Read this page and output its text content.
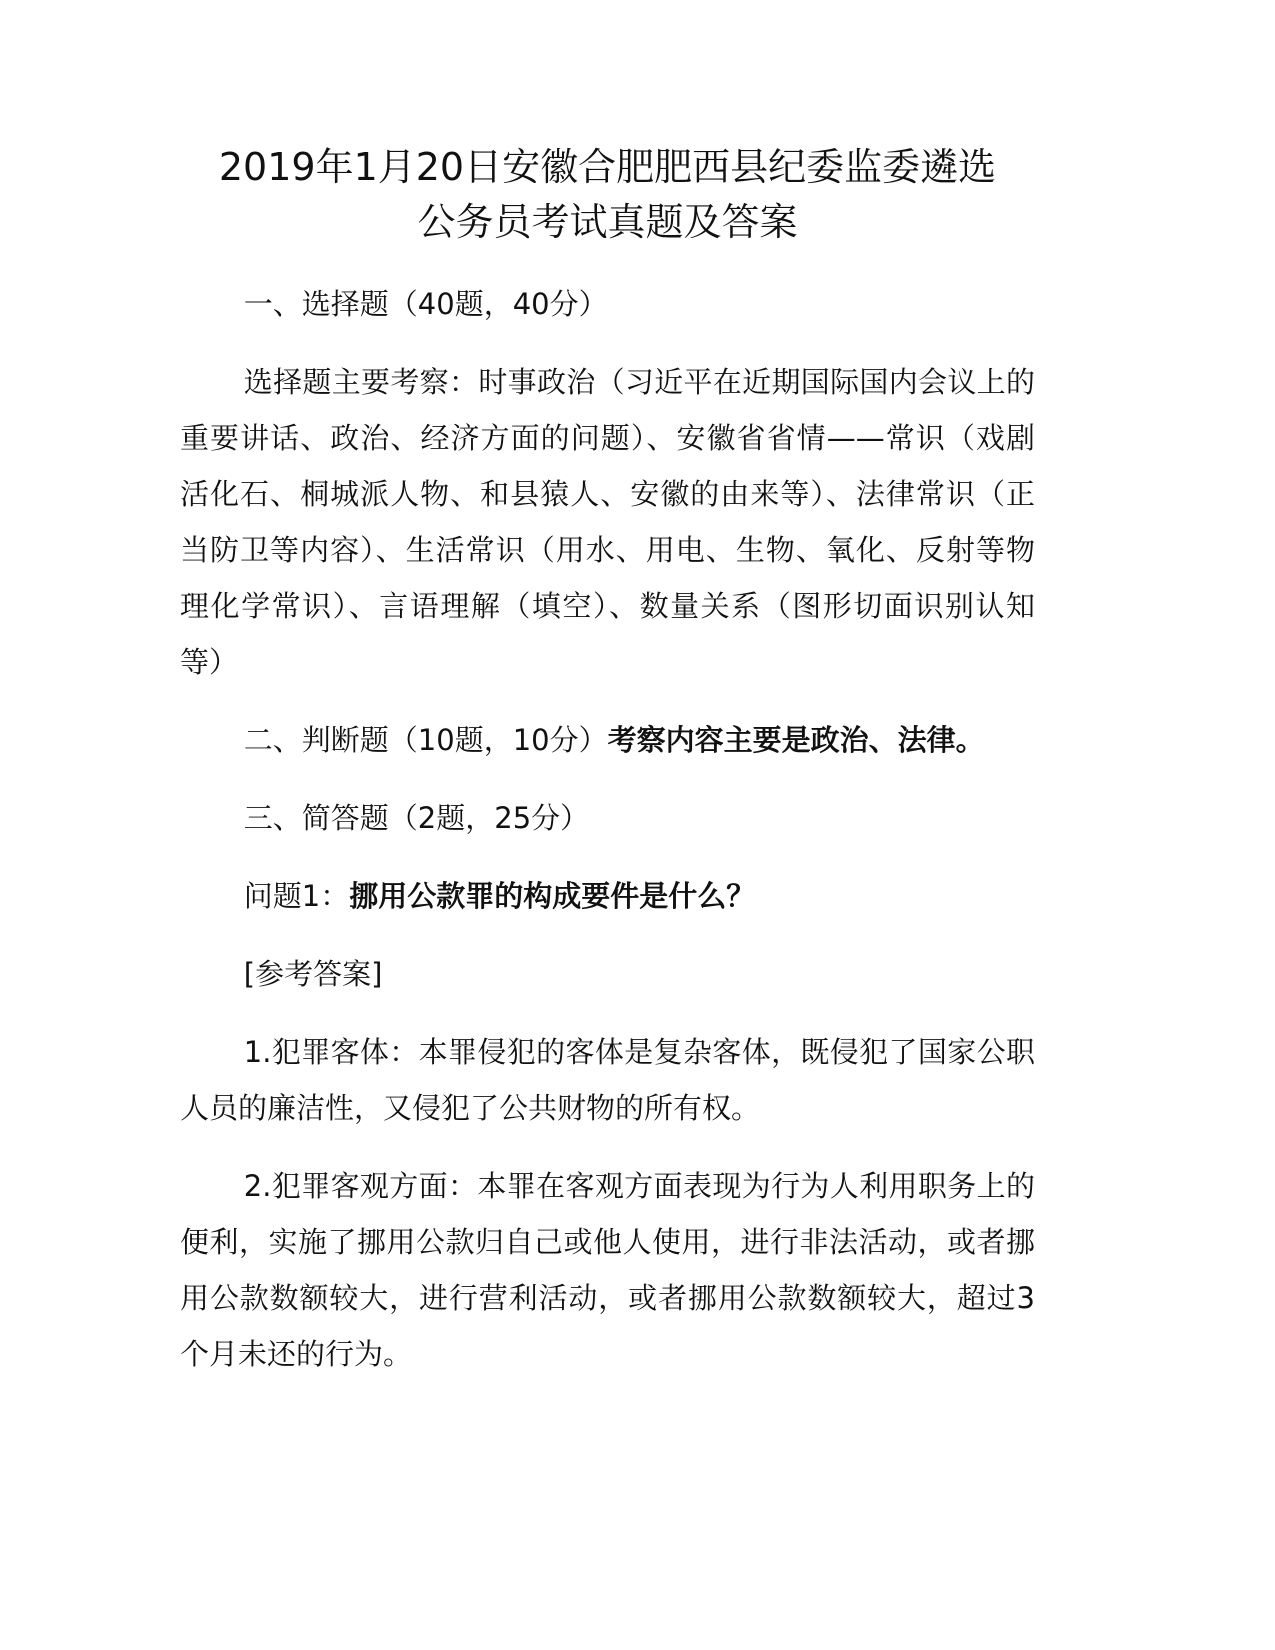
2019年1月20日安徽合肥肥西县纪委监委遴选
公务员考试真题及答案

一、选择题（40题，40分）

选择题主要考察：时事政治（习近平在近期国际国内会议上的重要讲话、政治、经济方面的问题）、安徽省省情——常识（戏剧活化石、桐城派人物、和县猿人、安徽的由来等）、法律常识（正当防卫等内容）、生活常识（用水、用电、生物、氧化、反射等物理化学常识）、言语理解（填空）、数量关系（图形切面识别认知等）

二、判断题（10题，10分）考察内容主要是政治、法律。

三、简答题（2题，25分）

问题1：挪用公款罪的构成要件是什么？

[参考答案]

1.犯罪客体：本罪侵犯的客体是复杂客体，既侵犯了国家公职人员的廉洁性，又侵犯了公共财物的所有权。

2.犯罪客观方面：本罪在客观方面表现为行为人利用职务上的便利，实施了挪用公款归自己或他人使用，进行非法活动，或者挪用公款数额较大，进行营利活动，或者挪用公款数额较大，超过3个月未还的行为。
